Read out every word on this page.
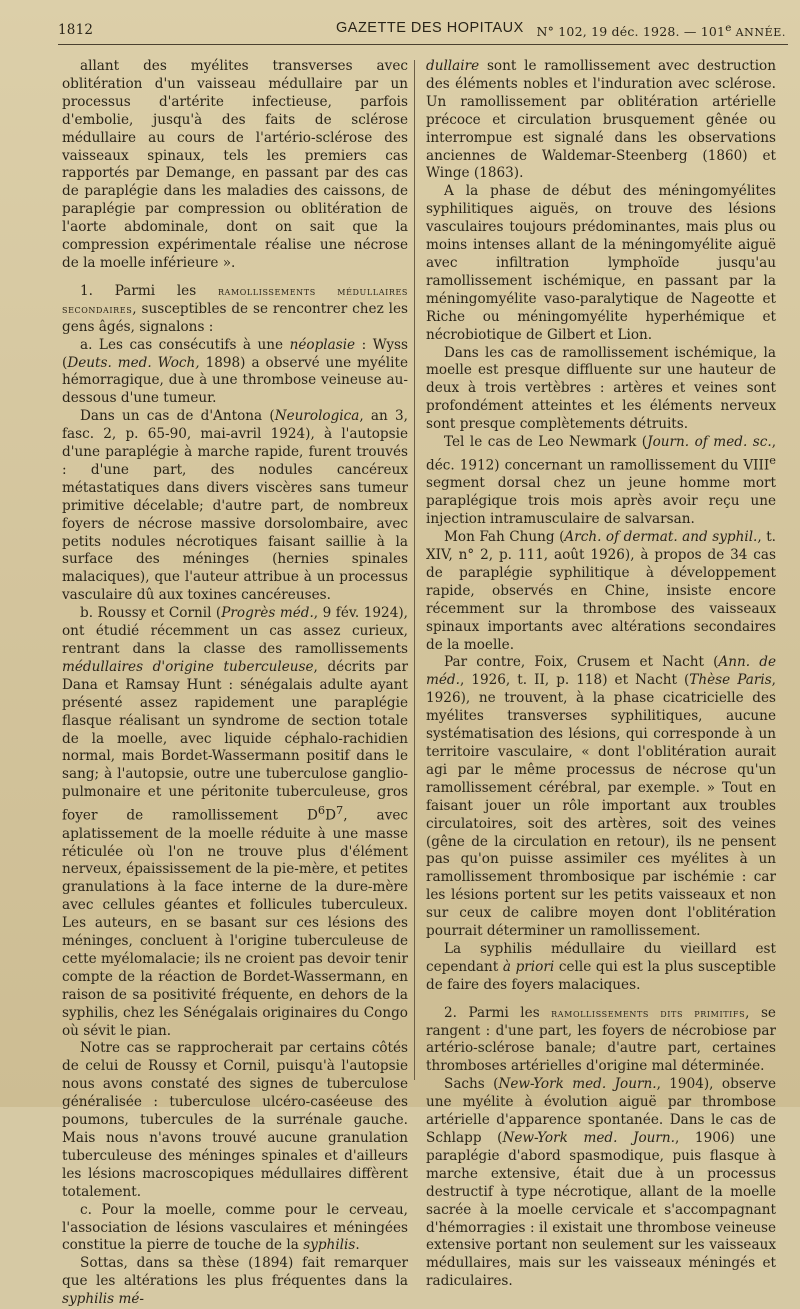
1812	GAZETTE DES HOPITAUX N° 102, 19 déc. 1928. — 101e ANNÉE.

allant des myélites transverses avec oblitération d'un vaisseau médullaire par un processus d'artérite infectieuse, parfois d'embolie, jusqu'à des faits de sclérose médullaire au cours de l'artério-sclérose des vaisseaux spinaux, tels les premiers cas rapportés par Demange, en passant par des cas de paraplégie dans les maladies des caissons, de paraplégie par compression ou oblitération de l'aorte abdominale, dont on sait que la compression expérimentale réalise une nécrose de la moelle inférieure ».

1. Parmi les ramollissements médullaires secondaires, susceptibles de se rencontrer chez les gens âgés, signalons :

a. Les cas consécutifs à une néoplasie : Wyss (Deuts. med. Woch, 1898) a observé une myélite hémorragique, due à une thrombose veineuse au-dessous d'une tumeur.

Dans un cas de d'Antona (Neurologica, an 3, fasc. 2, p. 65-90, mai-avril 1924), à l'autopsie d'une paraplégie à marche rapide, furent trouvés : d'une part, des nodules cancéreux métastatiques dans divers viscères sans tumeur primitive décelable; d'autre part, de nombreux foyers de nécrose massive dorsolombaire, avec petits nodules nécrotiques faisant saillie à la surface des méninges (hernies spinales malaciques), que l'auteur attribue à un processus vasculaire dû aux toxines cancéreuses.

b. Roussy et Cornil (Progrès méd., 9 fév. 1924), ont étudié récemment un cas assez curieux, rentrant dans la classe des ramollissements médullaires d'origine tuberculeuse, décrits par Dana et Ramsay Hunt : sénégalais adulte ayant présenté assez rapidement une paraplégie flasque réalisant un syndrome de section totale de la moelle, avec liquide céphalo-rachidien normal, mais Bordet-Wassermann positif dans le sang; à l'autopsie, outre une tuberculose ganglio-pulmonaire et une péritonite tuberculeuse, gros foyer de ramollissement $D^6D^7$, avec aplatissement de la moelle réduite à une masse réticulée où l'on ne trouve plus d'élément nerveux, épaississement de la pie-mère, et petites granulations à la face interne de la dure-mère avec cellules géantes et follicules tuberculeux. Les auteurs, en se basant sur ces lésions des méninges, concluent à l'origine tuberculeuse de cette myélomalacie; ils ne croient pas devoir tenir compte de la réaction de Bordet-Wassermann, en raison de sa positivité fréquente, en dehors de la syphilis, chez les Sénégalais originaires du Congo où sévit le pian.

Notre cas se rapprocherait par certains côtés de celui de Roussy et Cornil, puisqu'à l'autopsie nous avons constaté des signes de tuberculose généralisée : tuberculose ulcéro-caséeuse des poumons, tubercules de la surrénale gauche. Mais nous n'avons trouvé aucune granulation tuberculeuse des méninges spinales et d'ailleurs les lésions macroscopiques médullaires diffèrent totalement.

c. Pour la moelle, comme pour le cerveau, l'association de lésions vasculaires et méningées constitue la pierre de touche de la syphilis.

Sottas, dans sa thèse (1894) fait remarquer que les altérations les plus fréquentes dans la syphilis mé-

dullaire sont le ramollissement avec destruction des éléments nobles et l'induration avec sclérose. Un ramollissement par oblitération artérielle précoce et circulation brusquement gênée ou interrompue est signalé dans les observations anciennes de Waldemar-Steenberg (1860) et Winge (1863).

A la phase de début des méningomyélites syphilitiques aiguës, on trouve des lésions vasculaires toujours prédominantes, mais plus ou moins intenses allant de la méningomyélite aiguë avec infiltration lymphoïde jusqu'au ramollissement ischémique, en passant par la méningomyélite vaso-paralytique de Nageotte et Riche ou méningomyélite hyperhémique et nécrobiotique de Gilbert et Lion.

Dans les cas de ramollissement ischémique, la moelle est presque diffluente sur une hauteur de deux à trois vertèbres : artères et veines sont profondément atteintes et les éléments nerveux sont presque complètements détruits.

Tel le cas de Leo Newmark (Journ. of med. sc., déc. 1912) concernant un ramollissement du VIIIe segment dorsal chez un jeune homme mort paraplégique trois mois après avoir reçu une injection intramusculaire de salvarsan.

Mon Fah Chung (Arch. of dermat. and syphil., t. XIV, n° 2, p. 111, août 1926), à propos de 34 cas de paraplégie syphilitique à développement rapide, observés en Chine, insiste encore récemment sur la thrombose des vaisseaux spinaux importants avec altérations secondaires de la moelle.

Par contre, Foix, Crusem et Nacht (Ann. de méd., 1926, t. II, p. 118) et Nacht (Thèse Paris, 1926), ne trouvent, à la phase cicatricielle des myélites transverses syphilitiques, aucune systématisation des lésions, qui corresponde à un territoire vasculaire, « dont l'oblitération aurait agi par le même processus de nécrose qu'un ramollissement cérébral, par exemple. » Tout en faisant jouer un rôle important aux troubles circulatoires, soit des artères, soit des veines (gêne de la circulation en retour), ils ne pensent pas qu'on puisse assimiler ces myélites à un ramollissement thrombosique par ischémie : car les lésions portent sur les petits vaisseaux et non sur ceux de calibre moyen dont l'oblitération pourrait déterminer un ramollissement.

La syphilis médullaire du vieillard est cependant à priori celle qui est la plus susceptible de faire des foyers malaciques.

2. Parmi les ramollissements dits primitifs, se rangent : d'une part, les foyers de nécrobiose par artério-sclérose banale; d'autre part, certaines thromboses artérielles d'origine mal déterminée.

Sachs (New-York med. Journ., 1904), observe une myélite à évolution aiguë par thrombose artérielle d'apparence spontanée. Dans le cas de Schlapp (New-York med. Journ., 1906) une paraplégie d'abord spasmodique, puis flasque à marche extensive, était due à un processus destructif à type nécrotique, allant de la moelle sacrée à la moelle cervicale et s'accompagnant d'hémorragies : il existait une thrombose veineuse extensive portant non seulement sur les vaisseaux médullaires, mais sur les vaisseaux méningés et radiculaires.
